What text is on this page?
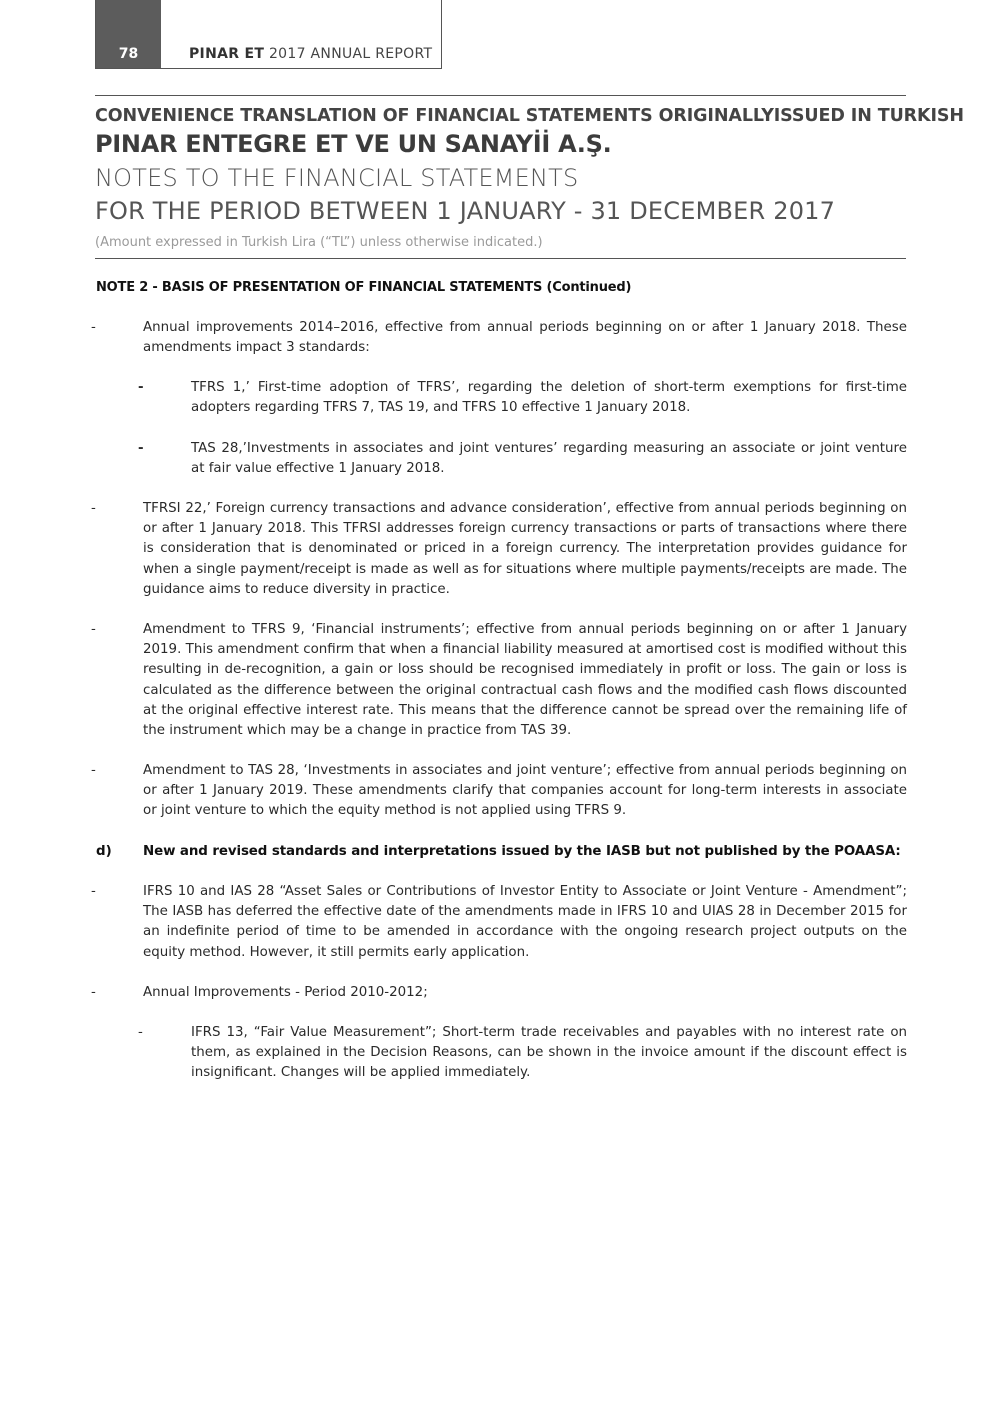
78	PINAR ET 2017 ANNUAL REPORT
CONVENIENCE TRANSLATION OF FINANCIAL STATEMENTS ORIGINALLYISSUED IN TURKISH
PINAR ENTEGRE ET VE UN SANAYİİ A.Ş.
NOTES TO THE FINANCIAL STATEMENTS
FOR THE PERIOD BETWEEN 1 JANUARY - 31 DECEMBER 2017
(Amount expressed in Turkish Lira (“TL”) unless otherwise indicated.)
NOTE 2 - BASIS OF PRESENTATION OF FINANCIAL STATEMENTS (Continued)
-	Annual improvements 2014–2016, effective from annual periods beginning on or after 1 January 2018. These amendments impact 3 standards:
-	TFRS 1,’ First-time adoption of TFRS’, regarding the deletion of short-term exemptions for first-time adopters regarding TFRS 7, TAS 19, and TFRS 10 effective 1 January 2018.
-	TAS 28,’Investments in associates and joint ventures’ regarding measuring an associate or joint venture at fair value effective 1 January 2018.
-	TFRSI 22,’ Foreign currency transactions and advance consideration’, effective from annual periods beginning on or after 1 January 2018. This TFRSI addresses foreign currency transactions or parts of transactions where there is consideration that is denominated or priced in a foreign currency. The interpretation provides guidance for when a single payment/receipt is made as well as for situations where multiple payments/receipts are made. The guidance aims to reduce diversity in practice.
-	Amendment to TFRS 9, ‘Financial instruments’; effective from annual periods beginning on or after 1 January 2019. This amendment confirm that when a financial liability measured at amortised cost is modified without this resulting in de-recognition, a gain or loss should be recognised immediately in profit or loss. The gain or loss is calculated as the difference between the original contractual cash flows and the modified cash flows discounted at the original effective interest rate. This means that the difference cannot be spread over the remaining life of the instrument which may be a change in practice from TAS 39.
-	Amendment to TAS 28, ‘Investments in associates and joint venture’; effective from annual periods beginning on or after 1 January 2019. These amendments clarify that companies account for long-term interests in associate or joint venture to which the equity method is not applied using TFRS 9.
d) New and revised standards and interpretations issued by the IASB but not published by the POAASA:
-	IFRS 10 and IAS 28 “Asset Sales or Contributions of Investor Entity to Associate or Joint Venture - Amendment”; The IASB has deferred the effective date of the amendments made in IFRS 10 and UIAS 28 in December 2015 for an indefinite period of time to be amended in accordance with the ongoing research project outputs on the equity method. However, it still permits early application.
-	Annual Improvements - Period 2010-2012;
-	IFRS 13, “Fair Value Measurement”; Short-term trade receivables and payables with no interest rate on them, as explained in the Decision Reasons, can be shown in the invoice amount if the discount effect is insignificant. Changes will be applied immediately.
